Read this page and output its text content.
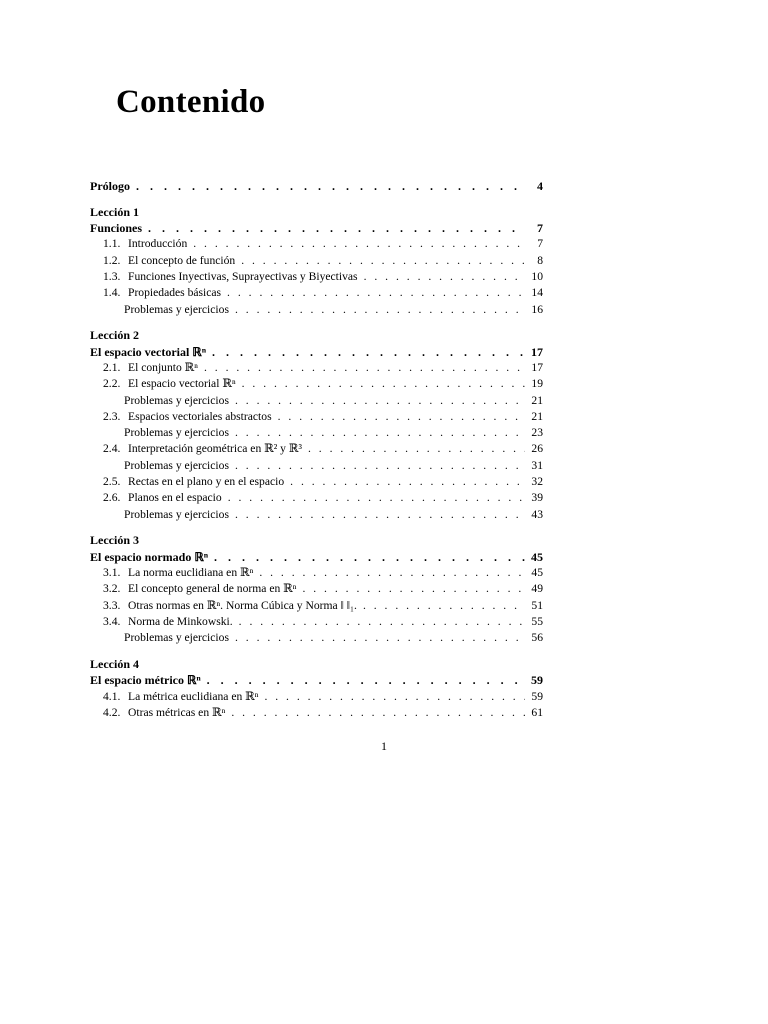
Contenido
Prólogo . . .	4
Lección 1
Funciones . . .	7
1.1. Introducción . . .	7
1.2. El concepto de función . . .	8
1.3. Funciones Inyectivas, Suprayectivas y Biyectivas . . .	10
1.4. Propiedades básicas . . .	14
Problemas y ejercicios . . .	16
Lección 2
El espacio vectorial ℝⁿ . . .	17
2.1. El conjunto ℝⁿ . . .	17
2.2. El espacio vectorial ℝⁿ . . .	19
Problemas y ejercicios . . .	21
2.3. Espacios vectoriales abstractos . . .	21
Problemas y ejercicios . . .	23
2.4. Interpretación geométrica en ℝ² y ℝ³ . . .	26
Problemas y ejercicios . . .	31
2.5. Rectas en el plano y en el espacio . . .	32
2.6. Planos en el espacio . . .	39
Problemas y ejercicios . . .	43
Lección 3
El espacio normado ℝⁿ . . .	45
3.1. La norma euclidiana en ℝⁿ . . .	45
3.2. El concepto general de norma en ℝⁿ . . .	49
3.3. Otras normas en ℝⁿ. Norma Cúbica y Norma ‖ ‖₁. . . .	51
3.4. Norma de Minkowski. . . .	55
Problemas y ejercicios . . .	56
Lección 4
El espacio métrico ℝⁿ . . .	59
4.1. La métrica euclidiana en ℝⁿ . . .	59
4.2. Otras métricas en ℝⁿ . . .	61
1
